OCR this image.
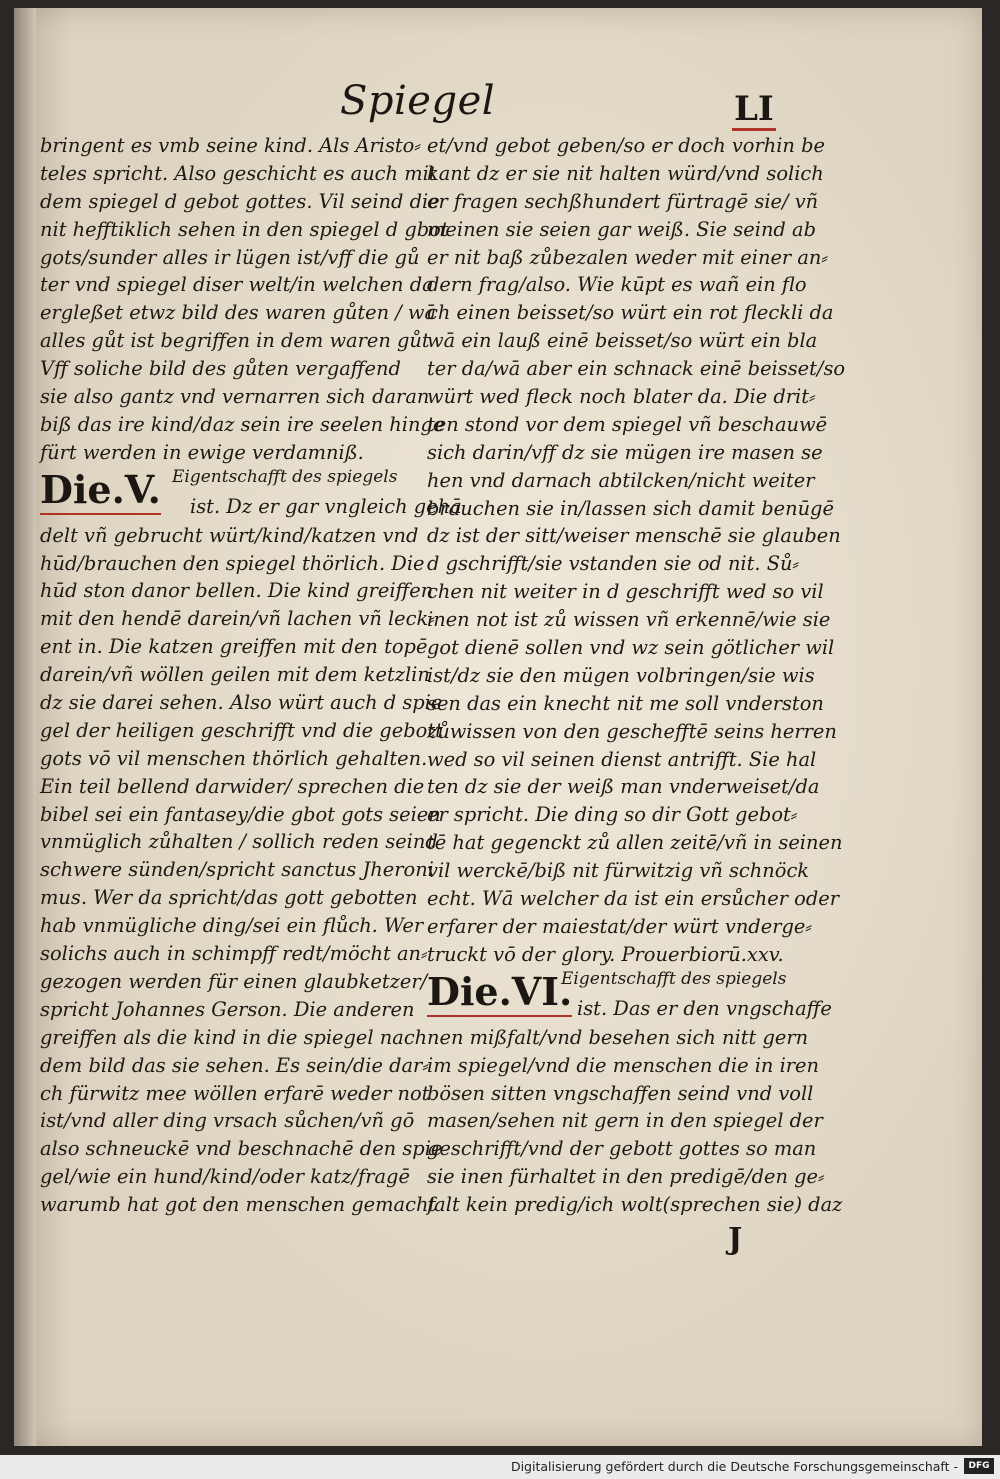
Spiegel	LI
bringent es vmb seine kind. Als Aristo⸗
teles spricht. Also geschicht es auch mit
dem spiegel d gebot gottes. Vil seind die
nit hefftiklich sehen in den spiegel d gbot
gots/sunder alles ir lügen ist/vff die gů
ter vnd spiegel diser welt/in welchen da
ergleßet etwz bild des waren gůten / wā
alles gůt ist begriffen in dem waren gůt
Vff soliche bild des gůten vergaffend
sie also gantz vnd vernarren sich daran
biß das ire kind/daz sein ire seelen hinge
fürt werden in ewige verdamniß.
Die.V. Eigentschafft des spiegels
ist. Dz er gar vngleich gehā
delt vñ gebrucht würt/kind/katzen vnd
hūd/brauchen den spiegel thörlich. Die
hūd ston danor bellen. Die kind greiffen
mit den hendē darein/vñ lachen vñ leck⸗
ent in. Die katzen greiffen mit den topē
darein/vñ wöllen geilen mit dem ketzlin
dz sie darei sehen. Also würt auch d spie
gel der heiligen geschrifft vnd die gebott
gots vō vil menschen thörlich gehalten.
Ein teil bellend darwider/ sprechen die
bibel sei ein fantasey/die gbot gots seien
vnmüglich zůhalten / sollich reden seind
schwere sünden/spricht sanctus Jheroni
mus. Wer da spricht/das gott gebotten
hab vnmügliche ding/sei ein flůch. Wer
solichs auch in schimpff redt/möcht an⸗
gezogen werden für einen glaubketzer/
spricht Johannes Gerson. Die anderen
greiffen als die kind in die spiegel nach
dem bild das sie sehen. Es sein/die dar⸗
ch fürwitz mee wöllen erfarē weder not
ist/vnd aller ding vrsach sůchen/vñ gō
also schneuckē vnd beschnachē den spie
gel/wie ein hund/kind/oder katz/fragē
warumb hat got den menschen gemacht
et/vnd gebot geben/so er doch vorhin be
kant dz er sie nit halten würd/vnd solich
er fragen sechßhundert fürtragē sie/ vñ
meinen sie seien gar weiß. Sie seind ab
er nit baß zůbezalen weder mit einer an⸗
dern frag/also. Wie kūpt es wañ ein flo
ch einen beisset/so würt ein rot fleckli da
wā ein lauß einē beisset/so würt ein bla
ter da/wā aber ein schnack einē beisset/so
würt wed fleck noch blater da. Die drit⸗
ten stond vor dem spiegel vñ beschauwē
sich darin/vff dz sie mügen ire masen se
hen vnd darnach abtilcken/nicht weiter
brauchen sie in/lassen sich damit benūgē
dz ist der sitt/weiser menschē sie glauben
d gschrifft/sie vstanden sie od nit. Sů⸗
chen nit weiter in d geschrifft wed so vil
inen not ist zů wissen vñ erkennē/wie sie
got dienē sollen vnd wz sein götlicher wil
ist/dz sie den mügen volbringen/sie wis
sen das ein knecht nit me soll vnderston
zůwissen von den geschefftē seins herren
wed so vil seinen dienst antrifft. Sie hal
ten dz sie der weiß man vnderweiset/da
er spricht. Die ding so dir Gott gebot⸗
tē hat gegenckt zů allen zeitē/vñ in seinen
vil werckē/biß nit fürwitzig vñ schnöck
echt. Wā welcher da ist ein ersůcher oder
erfarer der maiestat/der würt vnderge⸗
truckt vō der glory. Prouerbiorū.xxv.
Die.VI.
Eigentschafft des spiegels
ist. Das er den vngschaffe
nen mißfalt/vnd besehen sich nitt gern
im spiegel/vnd die menschen die in iren
bösen sitten vngschaffen seind vnd voll
masen/sehen nit gern in den spiegel der
geschrifft/vnd der gebott gottes so man
sie inen fürhaltet in den predigē/den ge⸗
falt kein predig/ich wolt(sprechen sie) daz
J
Digitalisierung gefördert durch die Deutsche Forschungsgemeinschaft -	DFG
